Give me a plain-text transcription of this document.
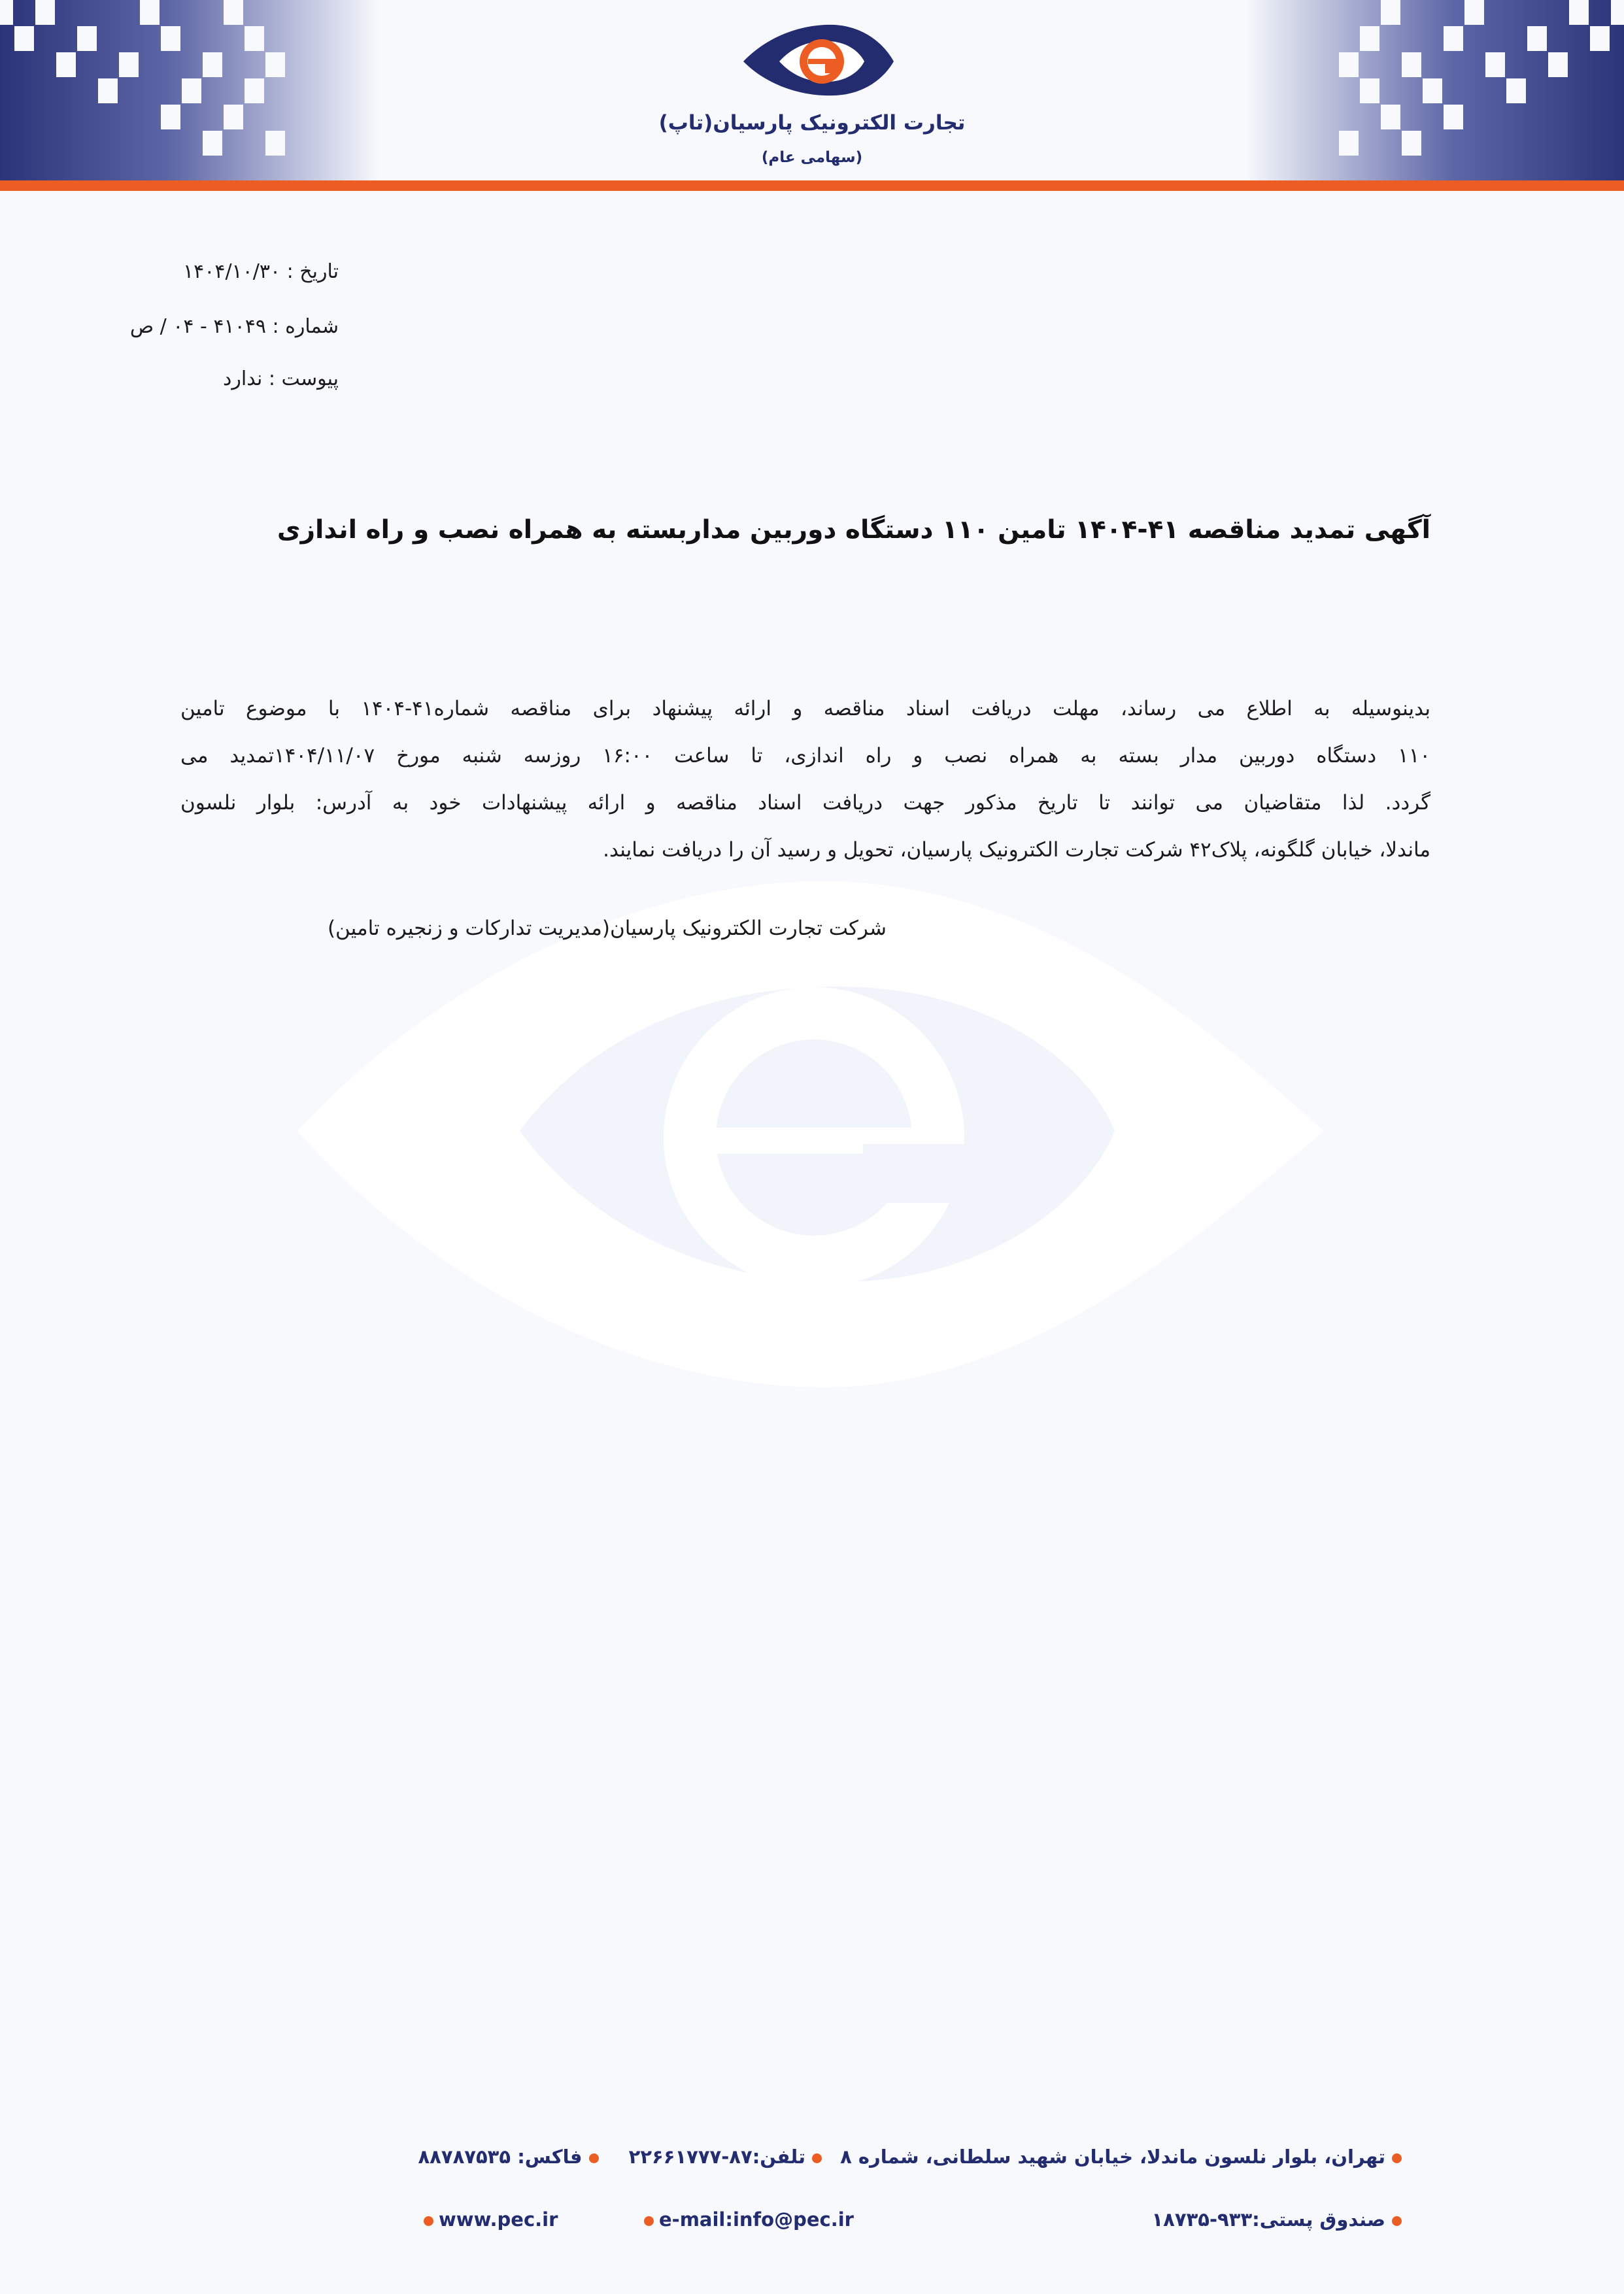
تجارت الکترونیک پارسیان(تاپ)
(سهامی عام)
تاریخ : ۱۴۰۴/۱۰/۳۰
شماره : ۴۱۰۴۹ - ۰۴ / ص
پیوست : ندارد
آگهی تمدید مناقصه ۴۱-۱۴۰۴ تامین ۱۱۰ دستگاه دوربین مداربسته به همراه نصب و راه اندازی
بدینوسیله به اطلاع می رساند، مهلت دریافت اسناد مناقصه و ارائه پیشنهاد برای مناقصه شماره۴۱-۱۴۰۴ با موضوع تامین
۱۱۰ دستگاه دوربین مدار بسته به همراه نصب و راه اندازی، تا ساعت ۱۶:۰۰ روزسه شنبه مورخ ۱۴۰۴/۱۱/۰۷تمدید می
گردد. لذا متقاضیان می توانند تا تاریخ مذکور جهت دریافت اسناد مناقصه و ارائه پیشنهادات خود به آدرس: بلوار نلسون
ماندلا، خیابان گلگونه، پلاک۴۲ شرکت تجارت الکترونیک پارسیان، تحویل و رسید آن را دریافت نمایند.
شرکت تجارت الکترونیک پارسیان(مدیریت تدارکات و زنجیره تامین)
تهران، بلوار نلسون ماندلا، خیابان شهید سلطانی، شماره ۸ تلفن:۸۷-۲۲۶۶۱۷۷۷ فاکس: ۸۸۷۸۷۵۳۵
صندوق پستی:۹۳۳-۱۸۷۳۵
e-mail:info@pec.ir
www.pec.ir
